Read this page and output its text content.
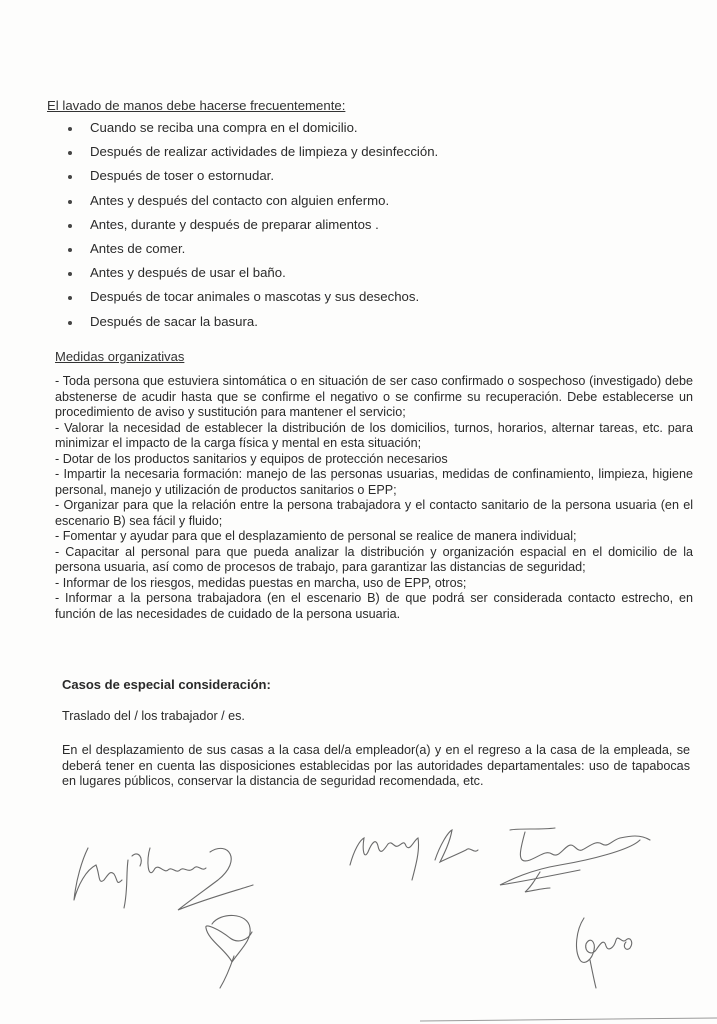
El lavado de manos debe hacerse frecuentemente:
Cuando se reciba una compra en el domicilio.
Después de realizar actividades de limpieza y desinfección.
Después de toser o estornudar.
Antes y después del contacto con alguien enfermo.
Antes, durante y después de preparar alimentos .
Antes de comer.
Antes y después de usar el baño.
Después de tocar animales o mascotas y sus desechos.
Después de sacar la basura.
Medidas organizativas

- Toda persona que estuviera sintomática o en situación de ser caso confirmado o sospechoso (investigado) debe abstenerse de acudir hasta que se confirme el negativo o se confirme su recuperación. Debe establecerse un procedimiento de aviso y sustitución para mantener el servicio;

- Valorar la necesidad de establecer la distribución de los domicilios, turnos, horarios, alternar tareas, etc. para minimizar el impacto de la carga física y mental en esta situación;

- Dotar de los productos sanitarios y equipos de protección necesarios

- Impartir la necesaria formación: manejo de las personas usuarias, medidas de confinamiento, limpieza, higiene personal, manejo y utilización de productos sanitarios o EPP;

- Organizar para que la relación entre la persona trabajadora y el contacto sanitario de la persona usuaria (en el escenario B) sea fácil y fluido;

- Fomentar y ayudar para que el desplazamiento de personal se realice de manera individual;

- Capacitar al personal para que pueda analizar la distribución y organización espacial en el domicilio de la persona usuaria, así como de procesos de trabajo, para garantizar las distancias de seguridad;

- Informar de los riesgos, medidas puestas en marcha, uso de EPP, otros;

- Informar a la persona trabajadora (en el escenario B) de que podrá ser considerada contacto estrecho, en función de las necesidades de cuidado de la persona usuaria.

Casos de especial consideración:
Traslado del / los trabajador / es.

En el desplazamiento de sus casas a la casa del/a empleador(a) y en el regreso a la casa de la empleada, se deberá tener en cuenta las disposiciones establecidas por las autoridades departamentales: uso de tapabocas en lugares públicos, conservar la distancia de seguridad recomendada, etc.
